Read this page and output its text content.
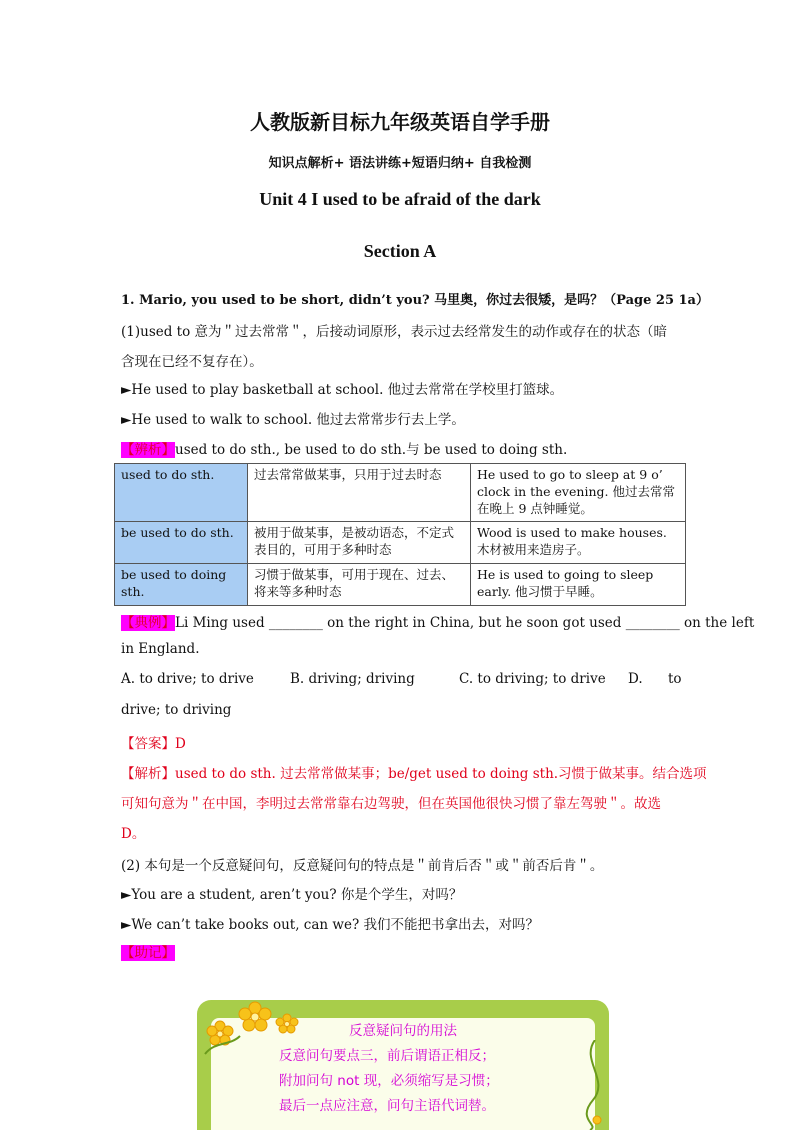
人教版新目标九年级英语自学手册
知识点解析+ 语法讲练+短语归纳+ 自我检测
Unit 4 I used to be afraid of the dark
Section A
1. Mario, you used to be short, didn’t you? 马里奥，你过去很矮，是吗？（Page 25 1a）
(1)used to 意为＂过去常常＂，后接动词原形，表示过去经常发生的动作或存在的状态（暗
含现在已经不复存在）。
►He used to play basketball at school. 他过去常常在学校里打篮球。
►He used to walk to school. 他过去常常步行去上学。
【辨析】used to do sth., be used to do sth.与 be used to doing sth.
used to do sth.	过去常常做某事，只用于过去时态	He used to go to sleep at 9 o’ clock in the evening. 他过去常常在晚上 9 点钟睡觉。
be used to do sth.	被用于做某事，是被动语态，不定式表目的，可用于多种时态	Wood is used to make houses. 木材被用来造房子。
be used to doing sth.	习惯于做某事，可用于现在、过去、将来等多种时态	He is used to going to sleep early. 他习惯于早睡。
【典例】Li Ming used ________ on the right in China, but he soon got used ________ on the left
in England.
A. to drive; to drive	B. driving; driving	C. to driving; to drive D. to
drive; to driving
【答案】D
【解析】used to do sth. 过去常常做某事；be/get used to doing sth.习惯于做某事。结合选项
可知句意为＂在中国，李明过去常常靠右边驾驶，但在英国他很快习惯了靠左驾驶＂。故选
D。
(2) 本句是一个反意疑问句，反意疑问句的特点是＂前肯后否＂或＂前否后肯＂。
►You are a student, aren’t you? 你是个学生，对吗？
►We can’t take books out, can we? 我们不能把书拿出去，对吗？
【助记】
反意疑问句的用法
反意问句要点三，前后谓语正相反；
附加问句 not 现，必须缩写是习惯；
最后一点应注意，问句主语代词替。
